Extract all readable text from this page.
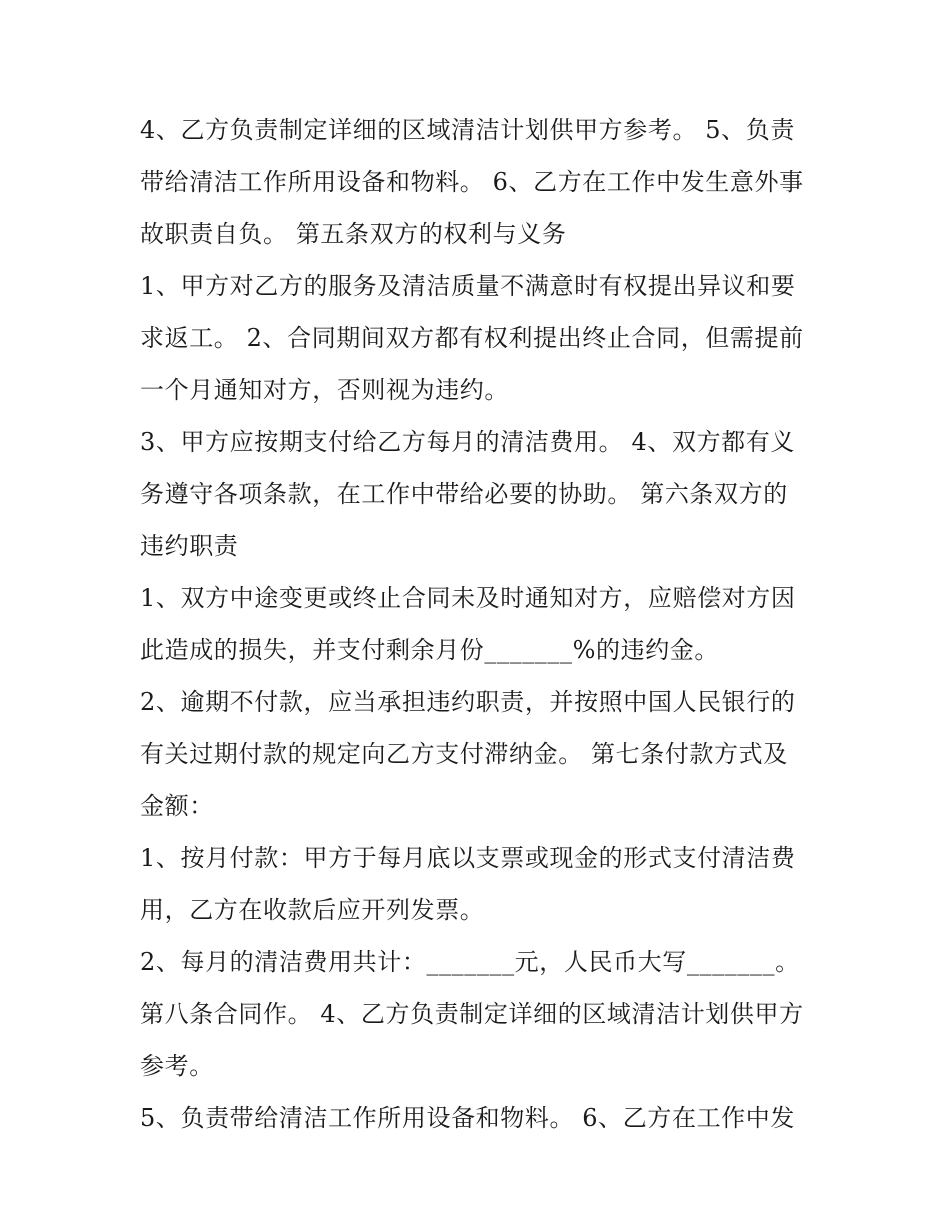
4、乙方负责制定详细的区域清洁计划供甲方参考。 5、负责
带给清洁工作所用设备和物料。 6、乙方在工作中发生意外事
故职责自负。 第五条双方的权利与义务
1、甲方对乙方的服务及清洁质量不满意时有权提出异议和要
求返工。 2、合同期间双方都有权利提出终止合同，但需提前
一个月通知对方，否则视为违约。
3、甲方应按期支付给乙方每月的清洁费用。 4、双方都有义
务遵守各项条款，在工作中带给必要的协助。 第六条双方的
违约职责
1、双方中途变更或终止合同未及时通知对方，应赔偿对方因
此造成的损失，并支付剩余月份_______%的违约金。
2、逾期不付款，应当承担违约职责，并按照中国人民银行的
有关过期付款的规定向乙方支付滞纳金。 第七条付款方式及
金额：
1、按月付款：甲方于每月底以支票或现金的形式支付清洁费
用，乙方在收款后应开列发票。
2、每月的清洁费用共计：_______元，人民币大写_______。
第八条合同作。 4、乙方负责制定详细的区域清洁计划供甲方
参考。
5、负责带给清洁工作所用设备和物料。 6、乙方在工作中发
